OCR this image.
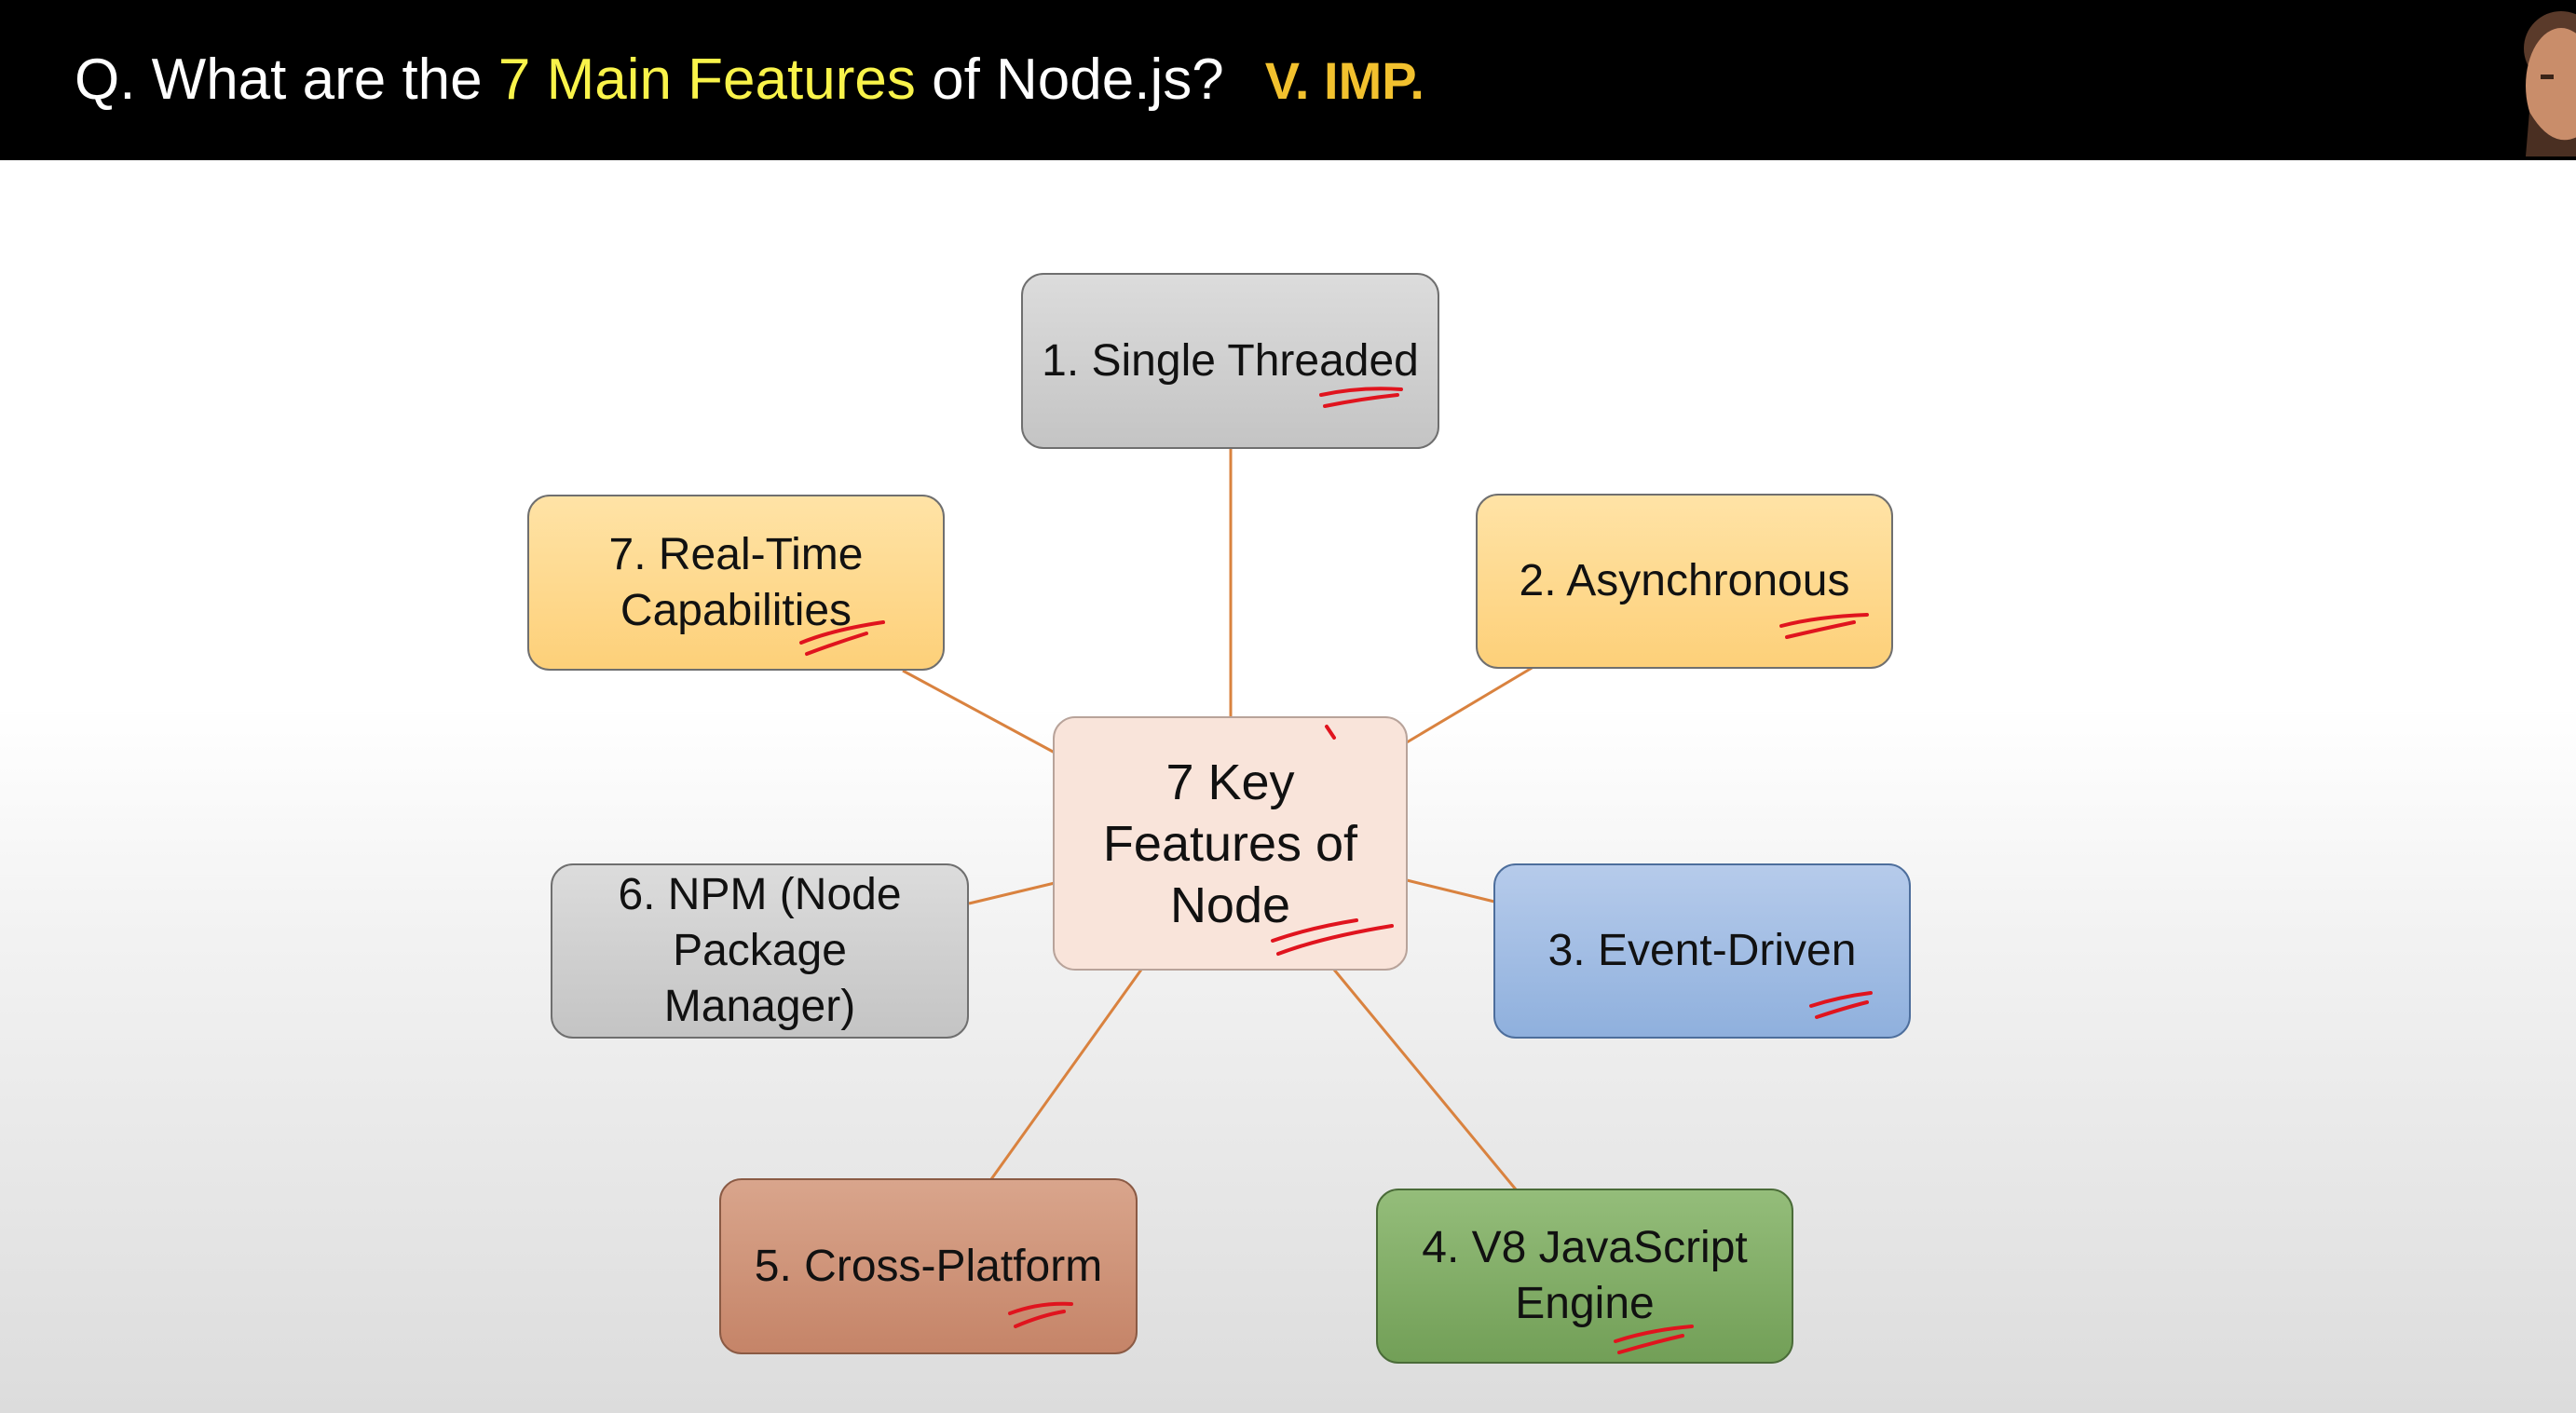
Q. What are the 7 Main Features of Node.js? V. IMP.
1. Single Threaded
2. Asynchronous
3. Event-Driven
4. V8 JavaScript
Engine
5. Cross-Platform
6. NPM (Node
Package Manager)
7. Real-Time
Capabilities
7 Key
Features of
Node
